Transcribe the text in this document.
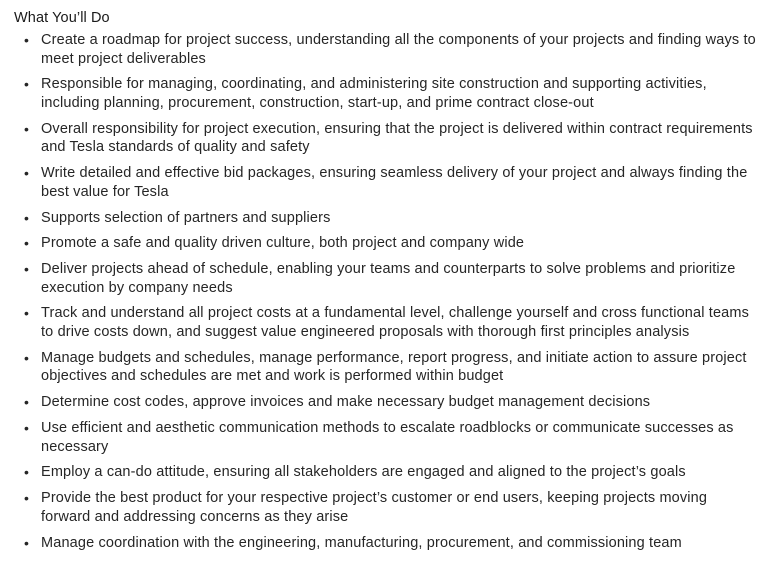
What You’ll Do
• Create a roadmap for project success, understanding all the components of your projects and finding ways to meet project deliverables
• Responsible for managing, coordinating, and administering site construction and supporting activities, including planning, procurement, construction, start-up, and prime contract close-out
• Overall responsibility for project execution, ensuring that the project is delivered within contract requirements and Tesla standards of quality and safety
• Write detailed and effective bid packages, ensuring seamless delivery of your project and always finding the best value for Tesla
• Supports selection of partners and suppliers
• Promote a safe and quality driven culture, both project and company wide
• Deliver projects ahead of schedule, enabling your teams and counterparts to solve problems and prioritize execution by company needs
• Track and understand all project costs at a fundamental level, challenge yourself and cross functional teams to drive costs down, and suggest value engineered proposals with thorough first principles analysis
• Manage budgets and schedules, manage performance, report progress, and initiate action to assure project objectives and schedules are met and work is performed within budget
• Determine cost codes, approve invoices and make necessary budget management decisions
• Use efficient and aesthetic communication methods to escalate roadblocks or communicate successes as necessary
• Employ a can-do attitude, ensuring all stakeholders are engaged and aligned to the project’s goals
• Provide the best product for your respective project’s customer or end users, keeping projects moving forward and addressing concerns as they arise
• Manage coordination with the engineering, manufacturing, procurement, and commissioning team
